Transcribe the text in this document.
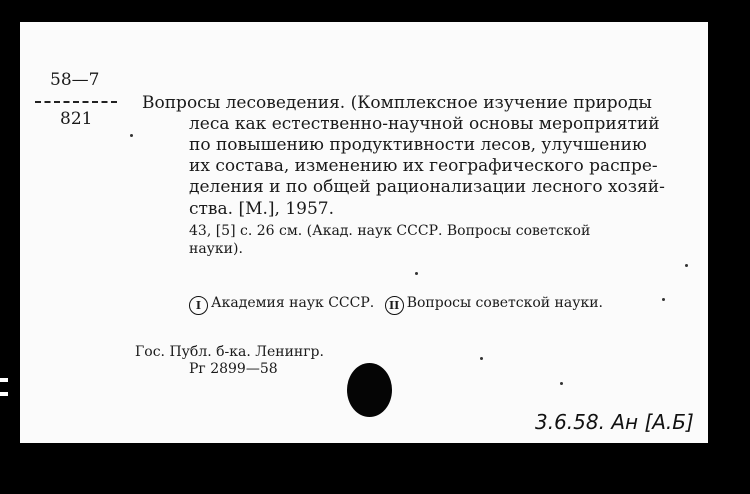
58—7
821
Вопросы лесоведения. (Комплексное изучение природы
леса как естественно-научной основы мероприятий
по повышению продуктивности лесов, улучшению
их состава, изменению их географического распре-
деления и по общей рационализации лесного хозяй-
ства. [М.], 1957.
43, [5] с. 26 см. (Акад. наук СССР. Вопросы советской
науки).
I Академия наук СССР. II Вопросы советской науки.
Гос. Публ. б-ка. Ленингр.
Рг 2899—58
3.6.58. Ан [А.Б]
